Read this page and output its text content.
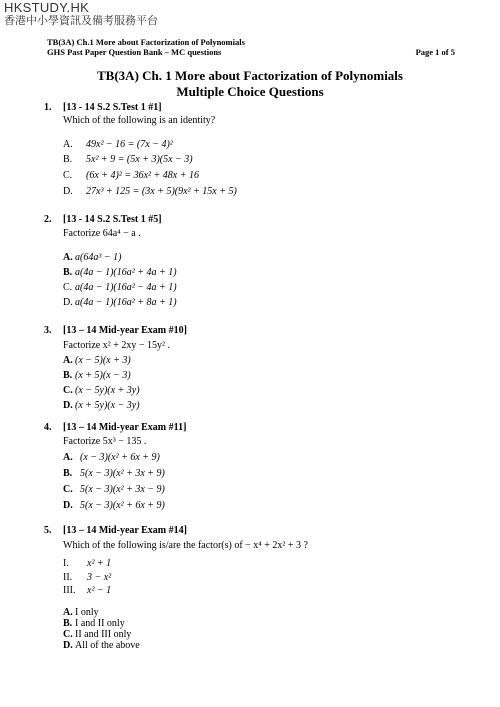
HKSTUDY.HK
香港中小學資訊及備考服務平台
TB(3A) Ch.1 More about Factorization of Polynomials
GHS Past Paper Question Bank – MC questions	Page 1 of 5
TB(3A) Ch. 1 More about Factorization of Polynomials
Multiple Choice Questions
1. [13 - 14 S.2 S.Test 1 #1]
Which of the following is an identity?
A. 49x² − 16 = (7x − 4)²
B. 5x² + 9 = (5x + 3)(5x − 3)
C. (6x + 4)² = 36x² + 48x + 16
D. 27x³ + 125 = (3x + 5)(9x² + 15x + 5)
2. [13 - 14 S.2 S.Test 1 #5]
Factorize 64a⁴ − a .
A. a(64a³ − 1)
B. a(4a − 1)(16a² + 4a + 1)
C. a(4a − 1)(16a² − 4a + 1)
D. a(4a − 1)(16a² + 8a + 1)
3. [13 – 14 Mid-year Exam #10]
Factorize x² + 2xy − 15y² .
A. (x − 5)(x + 3)
B. (x + 5)(x − 3)
C. (x − 5y)(x + 3y)
D. (x + 5y)(x − 3y)
4. [13 – 14 Mid-year Exam #11]
Factorize 5x³ − 135 .
A. (x − 3)(x² + 6x + 9)
B. 5(x − 3)(x² + 3x + 9)
C. 5(x − 3)(x² + 3x − 9)
D. 5(x − 3)(x² + 6x + 9)
5. [13 – 14 Mid-year Exam #14]
Which of the following is/are the factor(s) of − x⁴ + 2x² + 3 ?
I. x² + 1
II. 3 − x²
III. x² − 1
A. I only
B. I and II only
C. II and III only
D. All of the above
